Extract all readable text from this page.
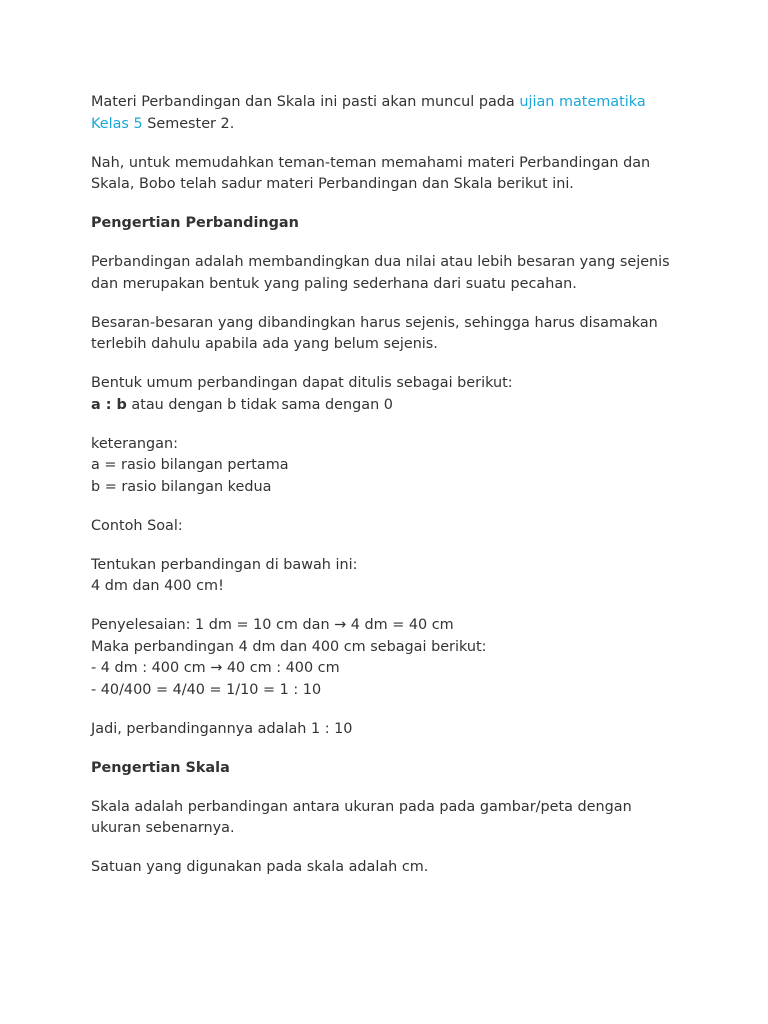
Materi Perbandingan dan Skala ini pasti akan muncul pada ujian matematika Kelas 5 Semester 2.

Nah, untuk memudahkan teman-teman memahami materi Perbandingan dan Skala, Bobo telah sadur materi Perbandingan dan Skala berikut ini.

Pengertian Perbandingan

Perbandingan adalah membandingkan dua nilai atau lebih besaran yang sejenis dan merupakan bentuk yang paling sederhana dari suatu pecahan.

Besaran-besaran yang dibandingkan harus sejenis, sehingga harus disamakan terlebih dahulu apabila ada yang belum sejenis.

Bentuk umum perbandingan dapat ditulis sebagai berikut:
a : b atau dengan b tidak sama dengan 0

keterangan:
a = rasio bilangan pertama
b = rasio bilangan kedua

Contoh Soal:

Tentukan perbandingan di bawah ini:
4 dm dan 400 cm!

Penyelesaian: 1 dm = 10 cm dan → 4 dm = 40 cm
Maka perbandingan 4 dm dan 400 cm sebagai berikut:
- 4 dm : 400 cm → 40 cm : 400 cm
- 40/400 = 4/40 = 1/10 = 1 : 10

Jadi, perbandingannya adalah 1 : 10

Pengertian Skala

Skala adalah perbandingan antara ukuran pada pada gambar/peta dengan ukuran sebenarnya.

Satuan yang digunakan pada skala adalah cm.
